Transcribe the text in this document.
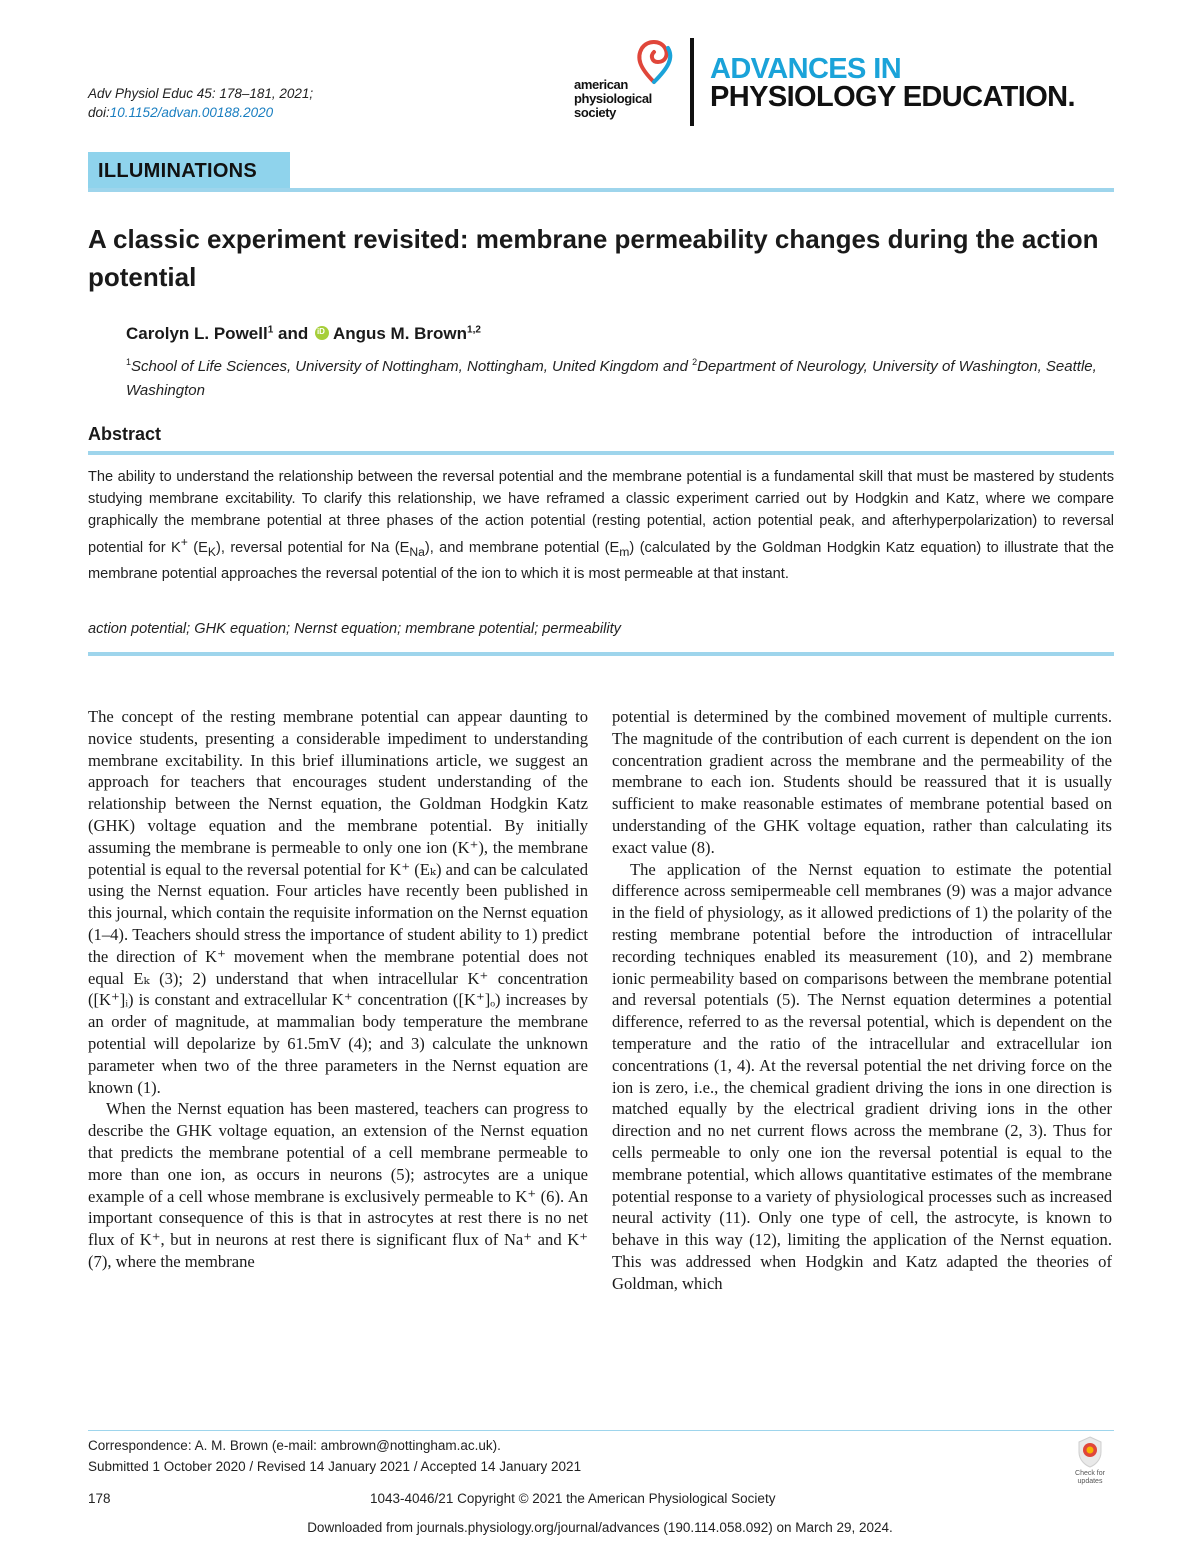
Adv Physiol Educ 45: 178–181, 2021;
doi:10.1152/advan.00188.2020
american
physiological
society
ADVANCES IN
PHYSIOLOGY EDUCATION.
ILLUMINATIONS
A classic experiment revisited: membrane permeability changes during the action potential
Carolyn L. Powell$^1$ and iDAngus M. Brown$^{1,2}$
$^1$School of Life Sciences, University of Nottingham, Nottingham, United Kingdom and $^2$Department of Neurology, University of Washington, Seattle, Washington
Abstract
The ability to understand the relationship between the reversal potential and the membrane potential is a fundamental skill that must be mastered by students studying membrane excitability. To clarify this relationship, we have reframed a classic experiment carried out by Hodgkin and Katz, where we compare graphically the membrane potential at three phases of the action potential (resting potential, action potential peak, and afterhyperpolarization) to reversal potential for K+ $(E_K)$, reversal potential for Na $(E_{Na})$, and membrane potential $(E_m)$ (calculated by the Goldman Hodgkin Katz equation) to illustrate that the membrane potential approaches the reversal potential of the ion to which it is most permeable at that instant.
action potential; GHK equation; Nernst equation; membrane potential; permeability

The concept of the resting membrane potential can appear daunting to novice students, presenting a considerable impediment to understanding membrane excitability. In this brief illuminations article, we suggest an approach for teachers that encourages student understanding of the relationship between the Nernst equation, the Goldman Hodgkin Katz (GHK) voltage equation and the membrane potential. By initially assuming the membrane is permeable to only one ion (K⁺), the membrane potential is equal to the reversal potential for K⁺ (Eₖ) and can be calculated using the Nernst equation. Four articles have recently been published in this journal, which contain the requisite information on the Nernst equation (1–4). Teachers should stress the importance of student ability to 1) predict the direction of K⁺ movement when the membrane potential does not equal Eₖ (3); 2) understand that when intracellular K⁺ concentration ([K⁺]ᵢ) is constant and extracellular K⁺ concentration ([K⁺]ₒ) increases by an order of magnitude, at mammalian body temperature the membrane potential will depolarize by 61.5mV (4); and 3) calculate the unknown parameter when two of the three parameters in the Nernst equation are known (1).

When the Nernst equation has been mastered, teachers can progress to describe the GHK voltage equation, an extension of the Nernst equation that predicts the membrane potential of a cell membrane permeable to more than one ion, as occurs in neurons (5); astrocytes are a unique example of a cell whose membrane is exclusively permeable to K⁺ (6). An important consequence of this is that in astrocytes at rest there is no net flux of K⁺, but in neurons at rest there is significant flux of Na⁺ and K⁺ (7), where the membrane

potential is determined by the combined movement of multiple currents. The magnitude of the contribution of each current is dependent on the ion concentration gradient across the membrane and the permeability of the membrane to each ion. Students should be reassured that it is usually sufficient to make reasonable estimates of membrane potential based on understanding of the GHK voltage equation, rather than calculating its exact value (8).

The application of the Nernst equation to estimate the potential difference across semipermeable cell membranes (9) was a major advance in the field of physiology, as it allowed predictions of 1) the polarity of the resting membrane potential before the introduction of intracellular recording techniques enabled its measurement (10), and 2) membrane ionic permeability based on comparisons between the membrane potential and reversal potentials (5). The Nernst equation determines a potential difference, referred to as the reversal potential, which is dependent on the temperature and the ratio of the intracellular and extracellular ion concentrations (1, 4). At the reversal potential the net driving force on the ion is zero, i.e., the chemical gradient driving the ions in one direction is matched equally by the electrical gradient driving ions in the other direction and no net current flows across the membrane (2, 3). Thus for cells permeable to only one ion the reversal potential is equal to the membrane potential, which allows quantitative estimates of the membrane potential response to a variety of physiological processes such as increased neural activity (11). Only one type of cell, the astrocyte, is known to behave in this way (12), limiting the application of the Nernst equation. This was addressed when Hodgkin and Katz adapted the theories of Goldman, which

Correspondence: A. M. Brown (e-mail: ambrown@nottingham.ac.uk).
Submitted 1 October 2020 / Revised 14 January 2021 / Accepted 14 January 2021	Check for updates
178	1043-4046/21 Copyright © 2021 the American Physiological Society
Downloaded from journals.physiology.org/journal/advances (190.114.058.092) on March 29, 2024.
